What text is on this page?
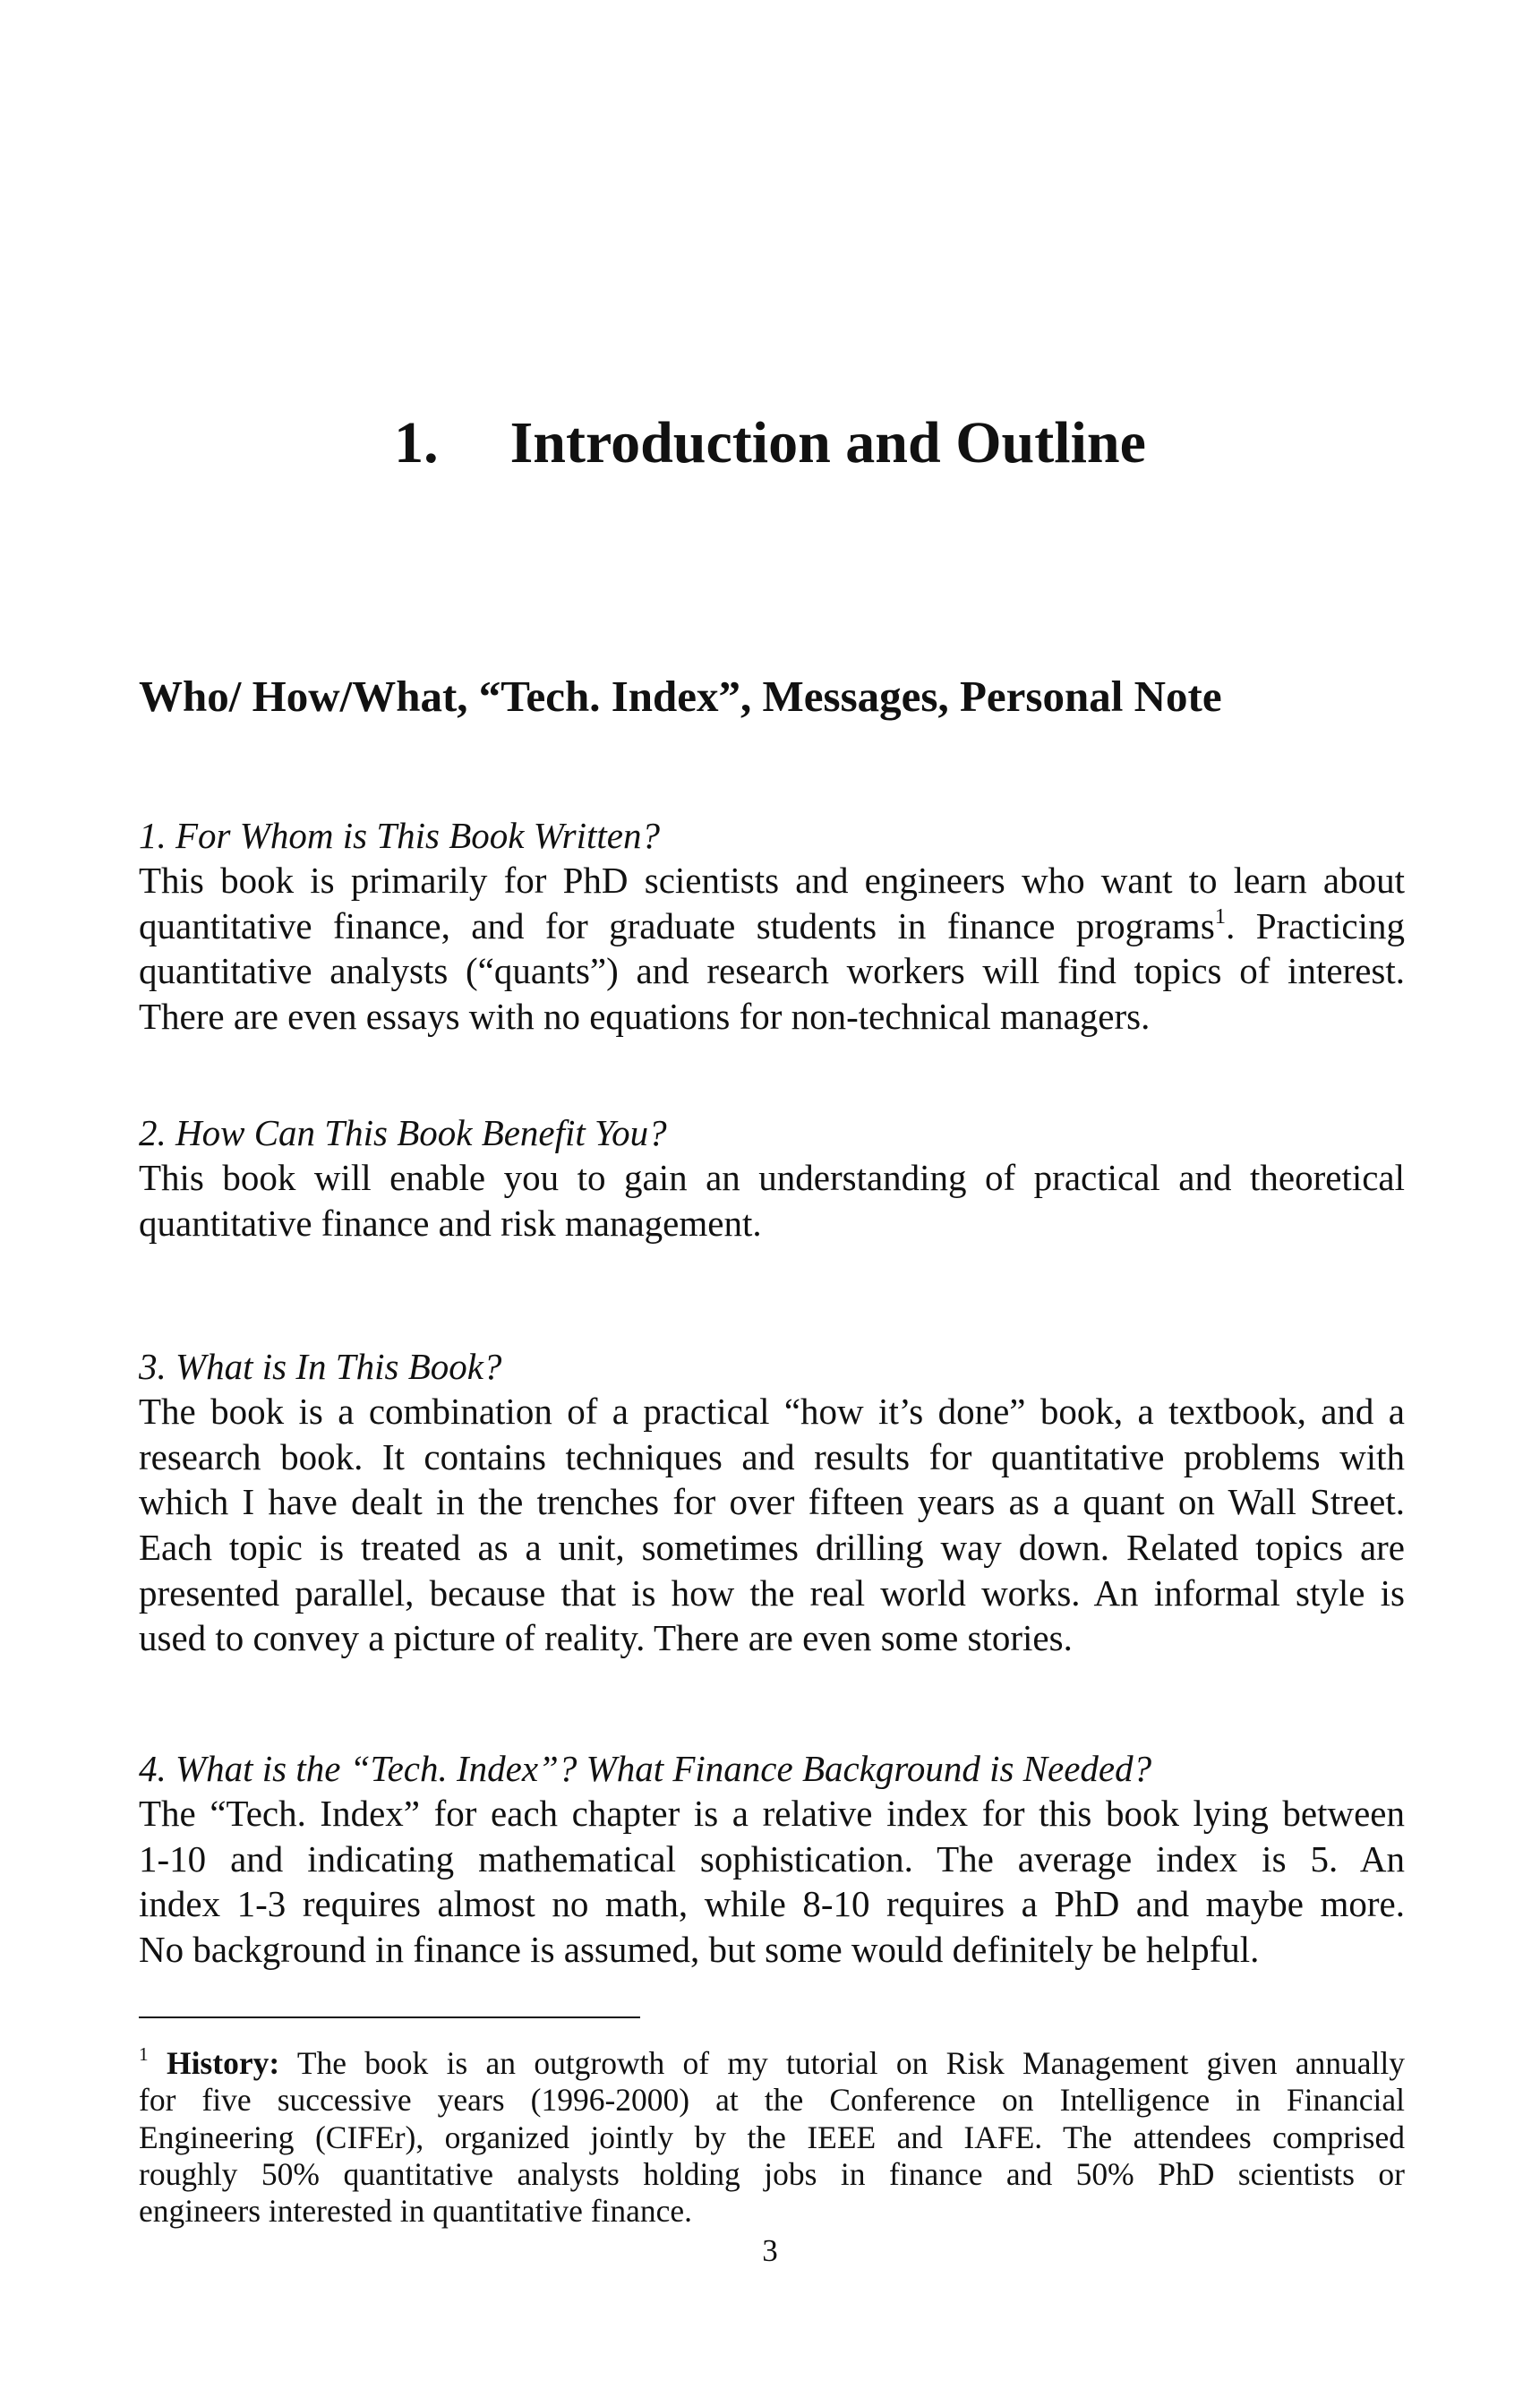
1. Introduction and Outline
Who/ How/What, “Tech. Index”, Messages, Personal Note
1. For Whom is This Book Written?
This book is primarily for PhD scientists and engineers who want to learn about
quantitative finance, and for graduate students in finance programs$^1$. Practicing
quantitative analysts (“quants”) and research workers will find topics of interest.
There are even essays with no equations for non-technical managers.
2. How Can This Book Benefit You?
This book will enable you to gain an understanding of practical and theoretical
quantitative finance and risk management.
3. What is In This Book?
The book is a combination of a practical “how it’s done” book, a textbook, and a
research book. It contains techniques and results for quantitative problems with
which I have dealt in the trenches for over fifteen years as a quant on Wall Street.
Each topic is treated as a unit, sometimes drilling way down. Related topics are
presented parallel, because that is how the real world works. An informal style is
used to convey a picture of reality. There are even some stories.
4. What is the “Tech. Index”? What Finance Background is Needed?
The “Tech. Index” for each chapter is a relative index for this book lying between
1-10 and indicating mathematical sophistication. The average index is 5. An
index 1-3 requires almost no math, while 8-10 requires a PhD and maybe more.
No background in finance is assumed, but some would definitely be helpful.
$^1$ History: The book is an outgrowth of my tutorial on Risk Management given annually
for five successive years (1996-2000) at the Conference on Intelligence in Financial
Engineering (CIFEr), organized jointly by the IEEE and IAFE. The attendees comprised
roughly 50% quantitative analysts holding jobs in finance and 50% PhD scientists or
engineers interested in quantitative finance.
3
